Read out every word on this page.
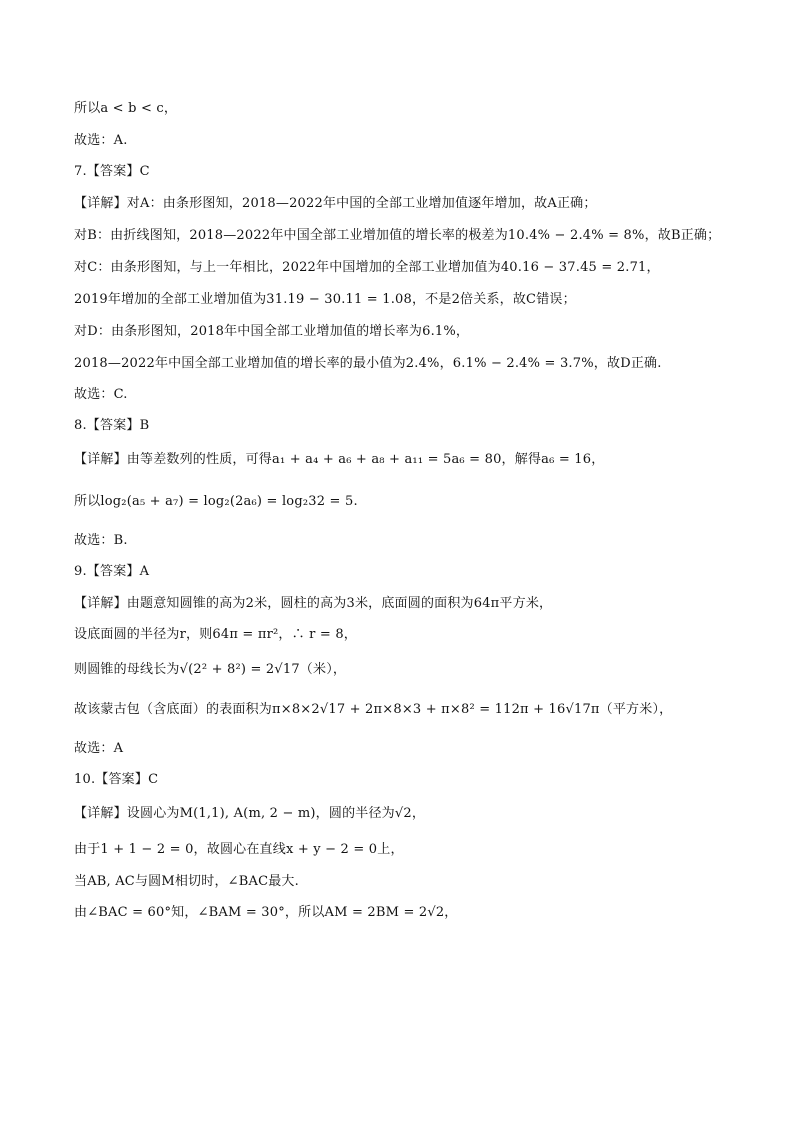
所以a < b < c，
故选：A.
7.【答案】C
【详解】对A：由条形图知，2018—2022年中国的全部工业增加值逐年增加，故A正确；
对B：由折线图知，2018—2022年中国全部工业增加值的增长率的极差为10.4% − 2.4% = 8%，故B正确；
对C：由条形图知，与上一年相比，2022年中国增加的全部工业增加值为40.16 − 37.45 = 2.71，
2019年增加的全部工业增加值为31.19 − 30.11 = 1.08，不是2倍关系，故C错误；
对D：由条形图知，2018年中国全部工业增加值的增长率为6.1%，
2018—2022年中国全部工业增加值的增长率的最小值为2.4%，6.1% − 2.4% = 3.7%，故D正确.
故选：C.
8.【答案】B
【详解】由等差数列的性质，可得a₁ + a₄ + a₆ + a₈ + a₁₁ = 5a₆ = 80，解得a₆ = 16，
所以log₂(a₅ + a₇) = log₂(2a₆) = log₂32 = 5.
故选：B.
9.【答案】A
【详解】由题意知圆锥的高为2米，圆柱的高为3米，底面圆的面积为64π平方米，
设底面圆的半径为r，则64π = πr²，∴ r = 8，
则圆锥的母线长为√(2² + 8²) = 2√17（米），
故该蒙古包（含底面）的表面积为π×8×2√17 + 2π×8×3 + π×8² = 112π + 16√17π（平方米），
故选：A
10.【答案】C
【详解】设圆心为M(1,1), A(m, 2 − m)，圆的半径为√2，
由于1 + 1 − 2 = 0，故圆心在直线x + y − 2 = 0上，
当AB, AC与圆M相切时，∠BAC最大.
由∠BAC = 60°知，∠BAM = 30°，所以AM = 2BM = 2√2，
